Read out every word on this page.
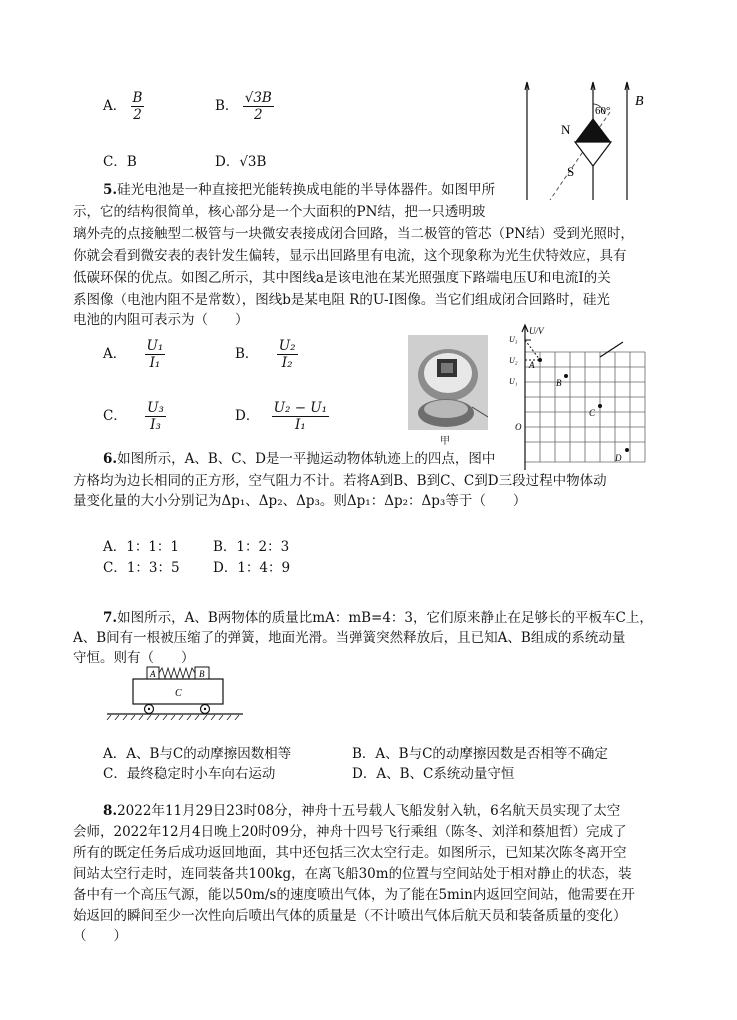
A． $\frac{B}{2}$	B． $\frac{√3B}{2}$
C．B	D．√3B
60°
N
S
B
5.硅光电池是一种直接把光能转换成电能的半导体器件。如图甲所
示，它的结构很简单，核心部分是一个大面积的PN结，把一只透明玻
璃外壳的点接触型二极管与一块微安表接成闭合回路，当二极管的管芯（PN结）受到光照时，
你就会看到微安表的表针发生偏转，显示出回路里有电流，这个现象称为光生伏特效应，具有
低碳环保的优点。如图乙所示，其中图线a是该电池在某光照强度下路端电压U和电流I的关
系图像（电池内阻不是常数），图线b是某电阻 R的U-I图像。当它们组成闭合回路时，硅光
电池的内阻可表示为（　　）
A． $\frac{\text{U₁}}{\text{I₁}}$	B． $\frac{\text{U₂}}{\text{I₂}}$
C． $\frac{\text{U₃}}{\text{I₃}}$	D． $\frac{\text{U₂ − U₁}}{\text{I₁}}$
甲
U/V
U₃
U₂
U₁
O
A
B
C
D
6.如图所示，A、B、C、D是一平抛运动物体轨迹上的四点，图中
方格均为边长相同的正方形，空气阻力不计。若将A到B、B到C、C到D三段过程中物体动
量变化量的大小分别记为Δp₁、Δp₂、Δp₃。则Δp₁：Δp₂：Δp₃等于（　　）
A．1：1：1	B．1：2：3
C．1：3：5 D．1：4：9
7.如图所示，A、B两物体的质量比mA：mB=4：3，它们原来静止在足够长的平板车C上，
A、B间有一根被压缩了的弹簧，地面光滑。当弹簧突然释放后，且已知A、B组成的系统动量
守恒。则有（　　）
A	B
C
A．A、B与C的动摩擦因数相等	B．A、B与C的动摩擦因数是否相等不确定
C．最终稳定时小车向右运动	D．A、B、C系统动量守恒
8.2022年11月29日23时08分，神舟十五号载人飞船发射入轨，6名航天员实现了太空
会师，2022年12月4日晚上20时09分，神舟十四号飞行乘组（陈冬、刘洋和蔡旭哲）完成了
所有的既定任务后成功返回地面，其中还包括三次太空行走。如图所示，已知某次陈冬离开空
间站太空行走时，连同装备共100kg，在离飞船30m的位置与空间站处于相对静止的状态，装
备中有一个高压气源，能以50m/s的速度喷出气体，为了能在5min内返回空间站，他需要在开
始返回的瞬间至少一次性向后喷出气体的质量是（不计喷出气体后航天员和装备质量的变化）
（　　）
